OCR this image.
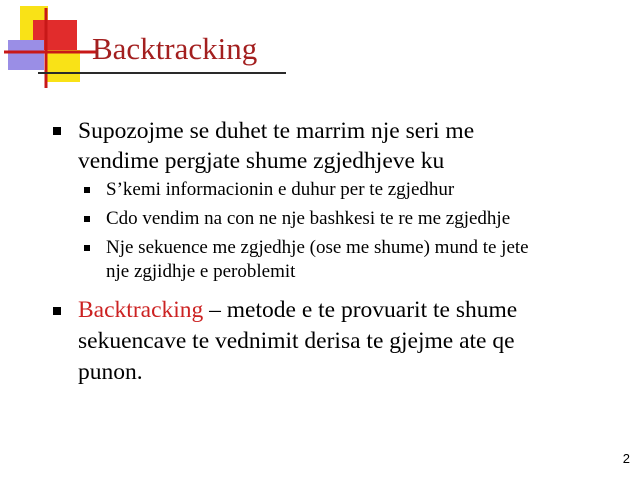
Backtracking
Supozojme se duhet te marrim nje seri me
vendime pergjate shume zgjedhjeve ku
S’kemi informacionin e duhur per te zgjedhur
Cdo vendim na con ne nje bashkesi te re me zgjedhje
Nje sekuence me zgjedhje (ose me shume) mund te jete
nje zgjidhje e peroblemit
Backtracking – metode e te provuarit te shume
sekuencave te vednimit derisa te gjejme ate qe
punon.
2
